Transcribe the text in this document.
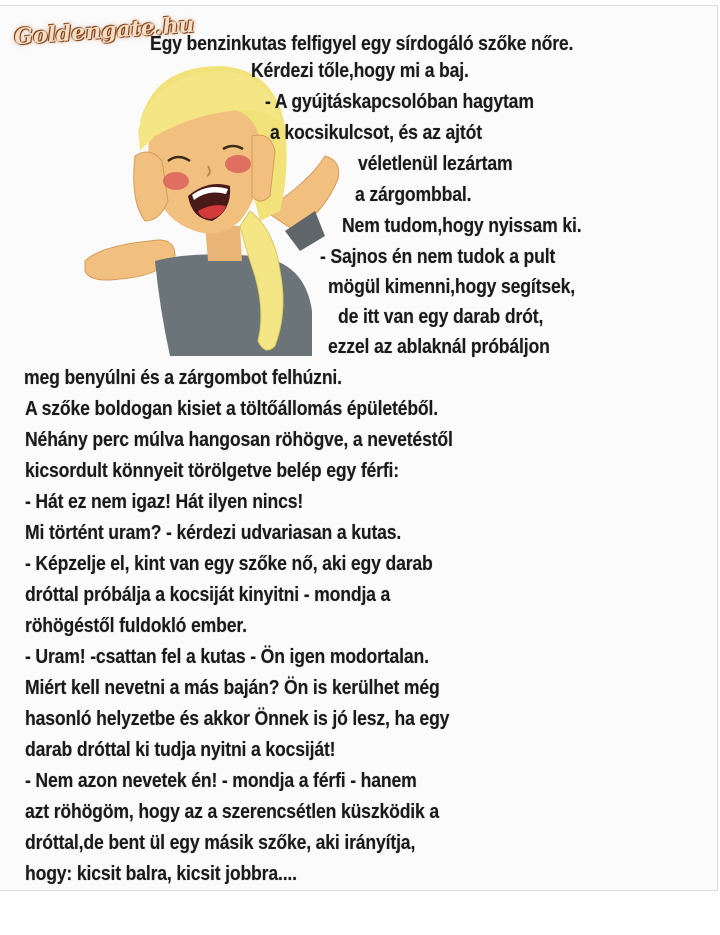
Goldengate.hu
Egy benzinkutas felfigyel egy sírdogáló szőke nőre.
Kérdezi tőle,hogy mi a baj.
- A gyújtáskapcsolóban hagytam
a kocsikulcsot, és az ajtót
véletlenül lezártam
a zárgombbal.
Nem tudom,hogy nyissam ki.
- Sajnos én nem tudok a pult
mögül kimenni,hogy segítsek,
de itt van egy darab drót,
ezzel az ablaknál próbáljon
meg benyúlni és a zárgombot felhúzni.
A szőke boldogan kisiet a töltőállomás épületéből.
Néhány perc múlva hangosan röhögve, a nevetéstől
kicsordult könnyeit törölgetve belép egy férfi:
- Hát ez nem igaz! Hát ilyen nincs!
Mi történt uram? - kérdezi udvariasan a kutas.
- Képzelje el, kint van egy szőke nő, aki egy darab
dróttal próbálja a kocsiját kinyitni - mondja a
röhögéstől fuldokló ember.
- Uram! -csattan fel a kutas - Ön igen modortalan.
Miért kell nevetni a más baján? Ön is kerülhet még
hasonló helyzetbe és akkor Önnek is jó lesz, ha egy
darab dróttal ki tudja nyitni a kocsiját!
- Nem azon nevetek én! - mondja a férfi - hanem
azt röhögöm, hogy az a szerencsétlen küszködik a
dróttal,de bent ül egy másik szőke, aki irányítja,
hogy: kicsit balra, kicsit jobbra....
